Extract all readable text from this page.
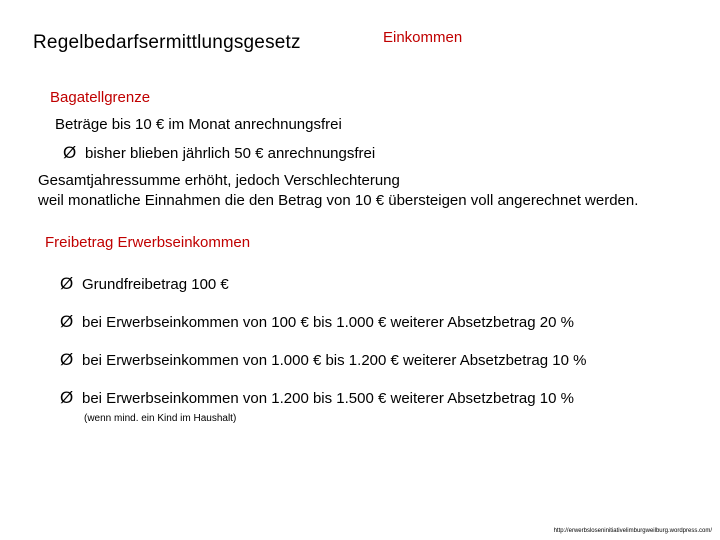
Regelbedarfsermittlungsgesetz	Einkommen
Bagatellgrenze
Beträge bis 10 € im Monat anrechnungsfrei
Ø bisher blieben jährlich 50 € anrechnungsfrei
Gesamtjahressumme erhöht, jedoch Verschlechterung
weil monatliche Einnahmen die den Betrag von 10 € übersteigen voll angerechnet werden.
Freibetrag Erwerbseinkommen
Ø Grundfreibetrag 100 €
Ø bei Erwerbseinkommen von 100 € bis 1.000 € weiterer Absetzbetrag 20 %
Ø bei Erwerbseinkommen von 1.000 € bis 1.200 € weiterer Absetzbetrag 10 %
Ø bei Erwerbseinkommen von 1.200 bis 1.500 € weiterer Absetzbetrag 10 %
(wenn mind. ein Kind im Haushalt)
http://erwerbsloseninitiativelimburgweilburg.wordpress.com/
